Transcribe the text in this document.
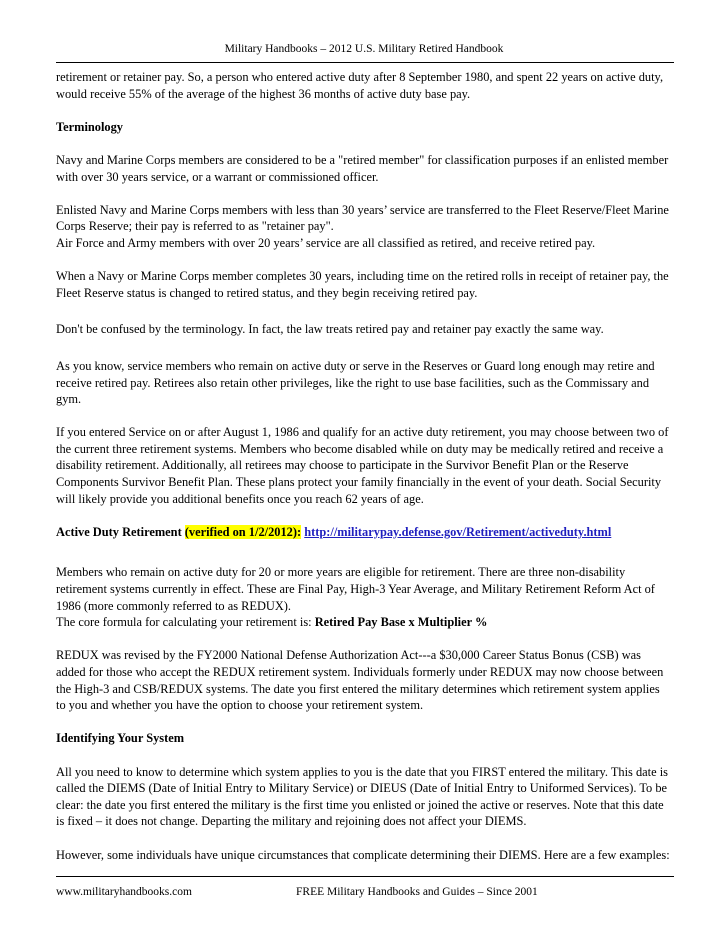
Military Handbooks – 2012 U.S. Military Retired Handbook

retirement or retainer pay. So, a person who entered active duty after 8 September 1980, and spent 22 years on active duty, would receive 55% of the average of the highest 36 months of active duty base pay.

Terminology

Navy and Marine Corps members are considered to be a "retired member" for classification purposes if an enlisted member with over 30 years service, or a warrant or commissioned officer.

Enlisted Navy and Marine Corps members with less than 30 years’ service are transferred to the Fleet Reserve/Fleet Marine Corps Reserve; their pay is referred to as "retainer pay".

Air Force and Army members with over 20 years’ service are all classified as retired, and receive retired pay.

When a Navy or Marine Corps member completes 30 years, including time on the retired rolls in receipt of retainer pay, the Fleet Reserve status is changed to retired status, and they begin receiving retired pay.

Don't be confused by the terminology. In fact, the law treats retired pay and retainer pay exactly the same way.

As you know, service members who remain on active duty or serve in the Reserves or Guard long enough may retire and receive retired pay. Retirees also retain other privileges, like the right to use base facilities, such as the Commissary and gym.

If you entered Service on or after August 1, 1986 and qualify for an active duty retirement, you may choose between two of the current three retirement systems. Members who become disabled while on duty may be medically retired and receive a disability retirement. Additionally, all retirees may choose to participate in the Survivor Benefit Plan or the Reserve Components Survivor Benefit Plan. These plans protect your family financially in the event of your death. Social Security will likely provide you additional benefits once you reach 62 years of age.

Active Duty Retirement (verified on 1/2/2012): http://militarypay.defense.gov/Retirement/activeduty.html

Members who remain on active duty for 20 or more years are eligible for retirement. There are three non-disability retirement systems currently in effect. These are Final Pay, High-3 Year Average, and Military Retirement Reform Act of 1986 (more commonly referred to as REDUX).

The core formula for calculating your retirement is: Retired Pay Base x Multiplier %

REDUX was revised by the FY2000 National Defense Authorization Act---a $30,000 Career Status Bonus (CSB) was added for those who accept the REDUX retirement system. Individuals formerly under REDUX may now choose between the High-3 and CSB/REDUX systems. The date you first entered the military determines which retirement system applies to you and whether you have the option to choose your retirement system.

Identifying Your System

All you need to know to determine which system applies to you is the date that you FIRST entered the military. This date is called the DIEMS (Date of Initial Entry to Military Service) or DIEUS (Date of Initial Entry to Uniformed Services). To be clear: the date you first entered the military is the first time you enlisted or joined the active or reserves. Note that this date is fixed – it does not change. Departing the military and rejoining does not affect your DIEMS.

However, some individuals have unique circumstances that complicate determining their DIEMS. Here are a few examples:

www.militaryhandbooks.com	FREE Military Handbooks and Guides – Since 2001
